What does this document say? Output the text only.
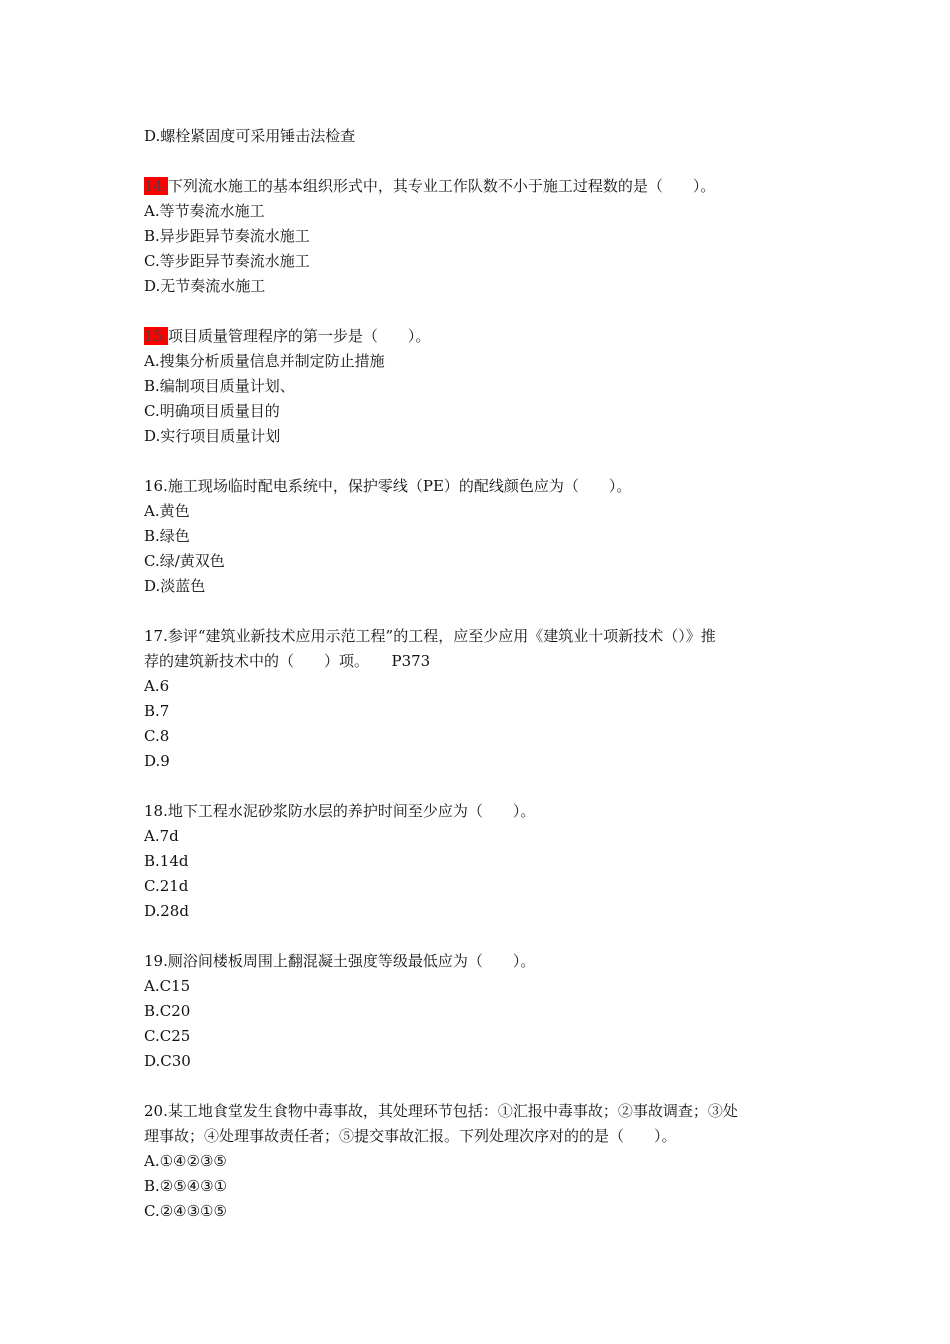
D.螺栓紧固度可采用锤击法检查
14.下列流水施工的基本组织形式中，其专业工作队数不小于施工过程数的是（　　）。
A.等节奏流水施工
B.异步距异节奏流水施工
C.等步距异节奏流水施工
D.无节奏流水施工
15.项目质量管理程序的第一步是（　　）。
A.搜集分析质量信息并制定防止措施
B.编制项目质量计划、
C.明确项目质量目的
D.实行项目质量计划
16.施工现场临时配电系统中，保护零线（PE）的配线颜色应为（　　）。
A.黄色
B.绿色
C.绿/黄双色
D.淡蓝色
17.参评“建筑业新技术应用示范工程”的工程，应至少应用《建筑业十项新技术（）》推
荐的建筑新技术中的（　　）项。　　P373
A.6
B.7
C.8
D.9
18.地下工程水泥砂浆防水层的养护时间至少应为（　　）。
A.7d
B.14d
C.21d
D.28d
19.厕浴间楼板周围上翻混凝土强度等级最低应为（　　）。
A.C15
B.C20
C.C25
D.C30
20.某工地食堂发生食物中毒事故，其处理环节包括：①汇报中毒事故；②事故调查；③处
理事故；④处理事故责任者；⑤提交事故汇报。下列处理次序对的的是（　　）。
A.①④②③⑤
B.②⑤④③①
C.②④③①⑤
